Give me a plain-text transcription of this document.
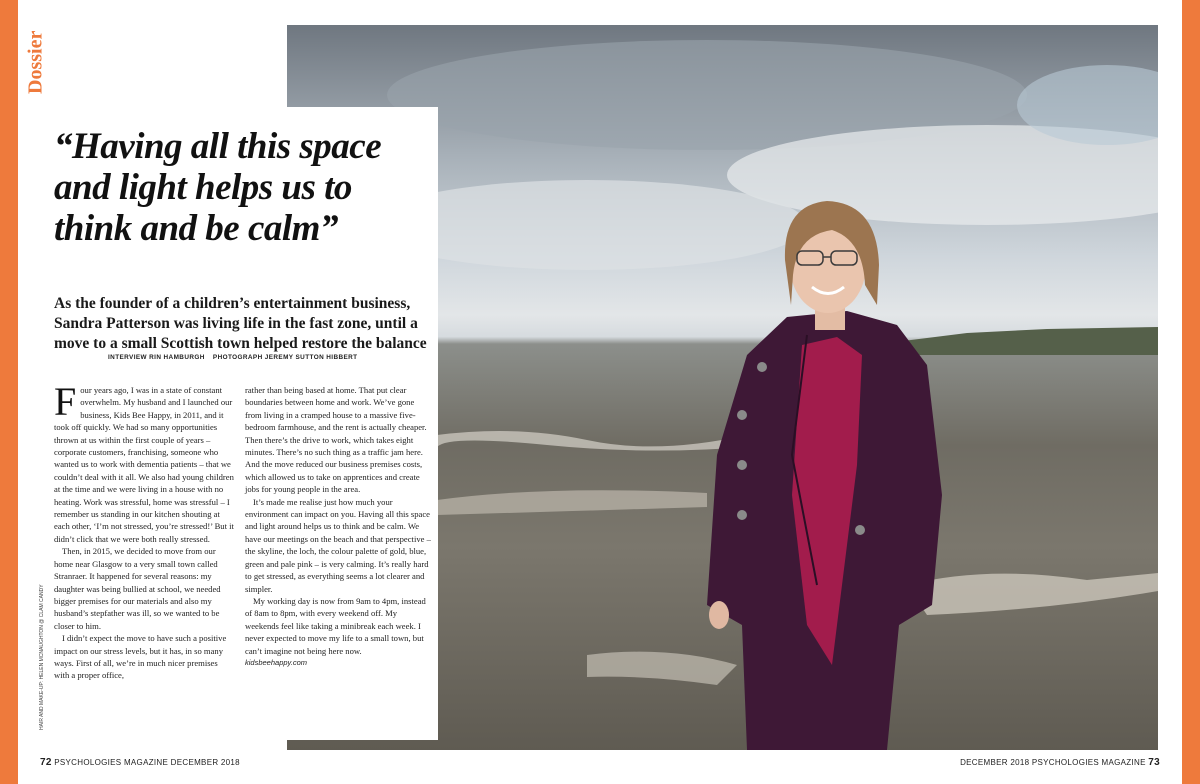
Dossier
“Having all this space and light helps us to think and be calm”
As the founder of a children’s entertainment business, Sandra Patterson was living life in the fast zone, until a move to a small Scottish town helped restore the balance
INTERVIEW RIN HAMBURGH PHOTOGRAPH JEREMY SUTTON HIBBERT

Four years ago, I was in a state of constant overwhelm. My husband and I launched our business, Kids Bee Happy, in 2011, and it took off quickly. We had so many opportunities thrown at us within the first couple of years – corporate customers, franchising, someone who wanted us to work with dementia patients – that we couldn’t deal with it all. We also had young children at the time and we were living in a house with no heating. Work was stressful, home was stressful – I remember us standing in our kitchen shouting at each other, ‘I’m not stressed, you’re stressed!’ But it didn’t click that we were both really stressed.

Then, in 2015, we decided to move from our home near Glasgow to a very small town called Stranraer. It happened for several reasons: my daughter was being bullied at school, we needed bigger premises for our materials and also my husband’s stepfather was ill, so we wanted to be closer to him.

I didn’t expect the move to have such a positive impact on our stress levels, but it has, in so many ways. First of all, we’re in much nicer premises with a proper office,

rather than being based at home. That put clear boundaries between home and work. We’ve gone from living in a cramped house to a massive five-bedroom farmhouse, and the rent is actually cheaper. Then there’s the drive to work, which takes eight minutes. There’s no such thing as a traffic jam here. And the move reduced our business premises costs, which allowed us to take on apprentices and create jobs for young people in the area.

It’s made me realise just how much your environment can impact on you. Having all this space and light around helps us to think and be calm. We have our meetings on the beach and that perspective – the skyline, the loch, the colour palette of gold, blue, green and pale pink – is very calming. It’s really hard to get stressed, as everything seems a lot clearer and simpler.

My working day is now from 9am to 4pm, instead of 8am to 8pm, with every weekend off. My weekends feel like taking a minibreak each week. I never expected to move my life to a small town, but can’t imagine not being here now.

kidsbeehappy.com

HAIR AND MAKE-UP: HELEN MCNAUGHTON @ CLAM CANDY
72 PSYCHOLOGIES MAGAZINE DECEMBER 2018	DECEMBER 2018 PSYCHOLOGIES MAGAZINE 73
